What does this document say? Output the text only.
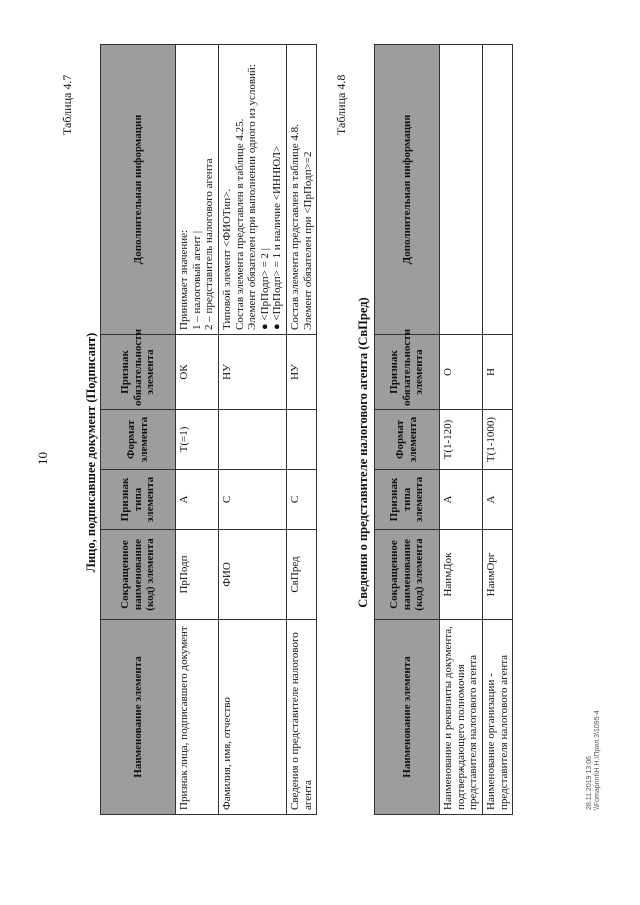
10
Таблица 4.7
Лицо, подписавшее документ (Подписант)
Наименование элемента	Сокращенное наименование (код) элемента	Признак типа элемента	Формат элемента	Признак обязательности элемента	Дополнительная информация
Признак лица, подписавшего документ	ПрПодп	А	Т(=1)	ОК	Принимает значение: 1 – налоговый агент | 2 – представитель налогового агента

Фамилия, имя, отчество	ФИО	С		НУ	Типовой элемент <ФИОТип>. Состав элемента представлен в таблице 4.25. Элемент обязателен при выполнении одного из условий: ● <ПрПодп> = 2 | ● <ПрПодп> = 1 и наличие <ИННЮЛ>

Сведения о представителе налогового агента	СвПред	С		НУ	Состав элемента представлен в таблице 4.8. Элемент обязателен при <ПрПодп>=2
Таблица 4.8
Сведения о представителе налогового агента (СвПред)
Наименование элемента	Сокращенное наименование (код) элемента	Признак типа элемента	Формат элемента	Признак обязательности элемента	Дополнительная информация
Наименование и реквизиты документа, подтверждающего полномочия представителя налогового агента	НаимДок	А	Т(1-120)	О	
Наименование организации - представителя налогового агента	НаимОрг	А	Т(1-1000)	Н	
28.11.2019 13:06 \\Fomaprint\Н.Н.\Прил.3\1095-4
